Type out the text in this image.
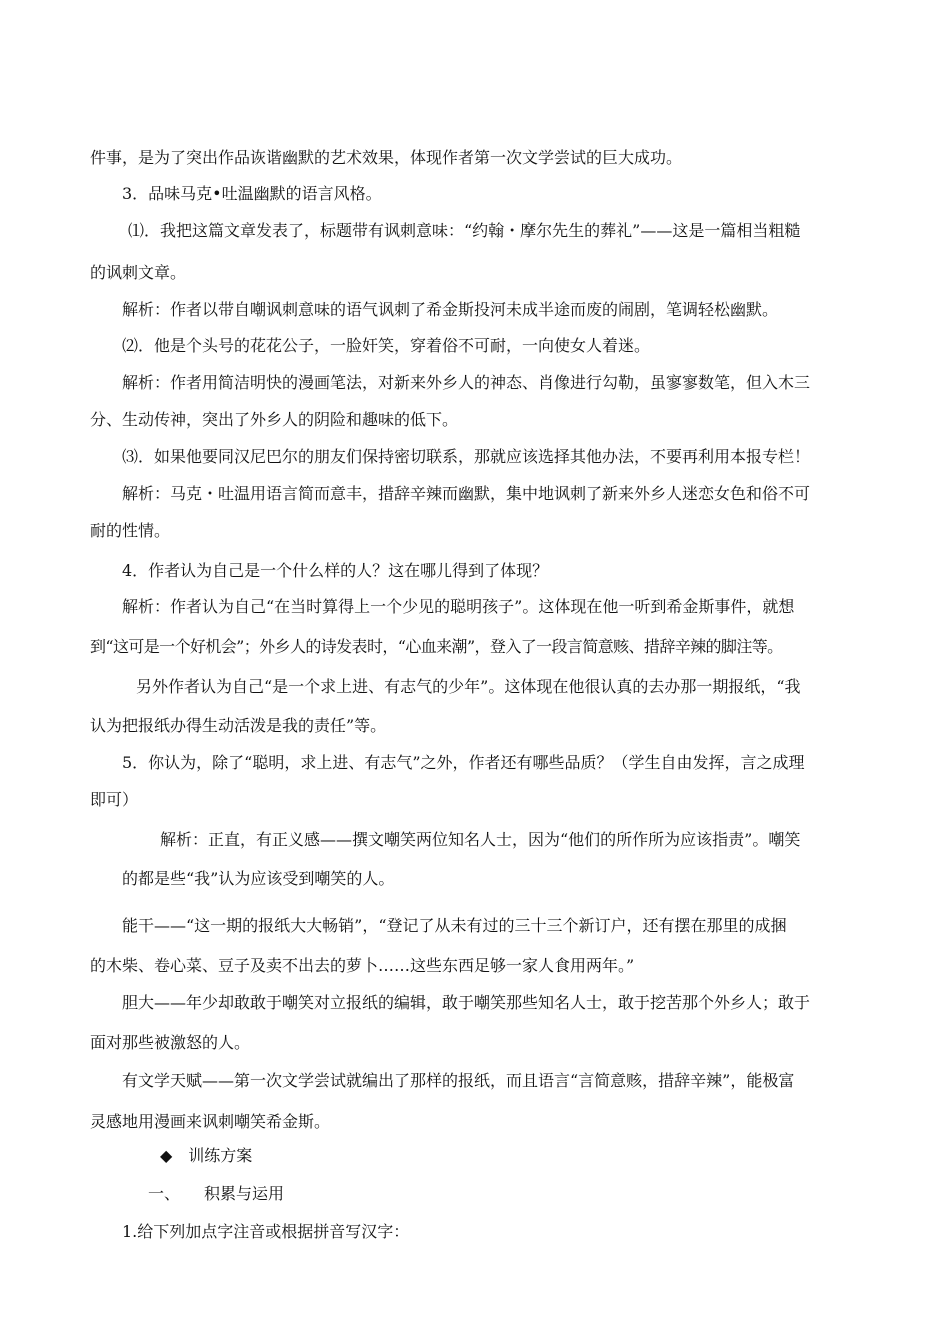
件事，是为了突出作品诙谐幽默的艺术效果，体现作者第一次文学尝试的巨大成功。
3．品味马克•吐温幽默的语言风格。
⑴．我把这篇文章发表了，标题带有讽刺意味：“约翰・摩尔先生的葬礼”——这是一篇相当粗糙
的讽刺文章。
解析：作者以带自嘲讽刺意味的语气讽刺了希金斯投河未成半途而废的闹剧，笔调轻松幽默。
⑵．他是个头号的花花公子，一脸奸笑，穿着俗不可耐，一向使女人着迷。
解析：作者用简洁明快的漫画笔法，对新来外乡人的神态、肖像进行勾勒，虽寥寥数笔，但入木三
分、生动传神，突出了外乡人的阴险和趣味的低下。
⑶．如果他要同汉尼巴尔的朋友们保持密切联系，那就应该选择其他办法，不要再利用本报专栏！
解析：马克・吐温用语言简而意丰，措辞辛辣而幽默，集中地讽刺了新来外乡人迷恋女色和俗不可
耐的性情。
4．作者认为自己是一个什么样的人？这在哪儿得到了体现？
解析：作者认为自己“在当时算得上一个少见的聪明孩子”。这体现在他一听到希金斯事件，就想
到“这可是一个好机会”；外乡人的诗发表时，“心血来潮”，登入了一段言简意赅、措辞辛辣的脚注等。
另外作者认为自己“是一个求上进、有志气的少年”。这体现在他很认真的去办那一期报纸，“我
认为把报纸办得生动活泼是我的责任”等。
5．你认为，除了“聪明，求上进、有志气”之外，作者还有哪些品质？（学生自由发挥，言之成理
即可）
解析：正直，有正义感——撰文嘲笑两位知名人士，因为“他们的所作所为应该指责”。嘲笑
的都是些“我”认为应该受到嘲笑的人。
能干——“这一期的报纸大大畅销”，“登记了从未有过的三十三个新订户，还有摆在那里的成捆
的木柴、卷心菜、豆子及卖不出去的萝卜……这些东西足够一家人食用两年。”
胆大——年少却敢敢于嘲笑对立报纸的编辑，敢于嘲笑那些知名人士，敢于挖苦那个外乡人；敢于
面对那些被激怒的人。
有文学天赋——第一次文学尝试就编出了那样的报纸，而且语言“言简意赅，措辞辛辣”，能极富
灵感地用漫画来讽刺嘲笑希金斯。
◆　训练方案
一、　　积累与运用
1.给下列加点字注音或根据拼音写汉字：
